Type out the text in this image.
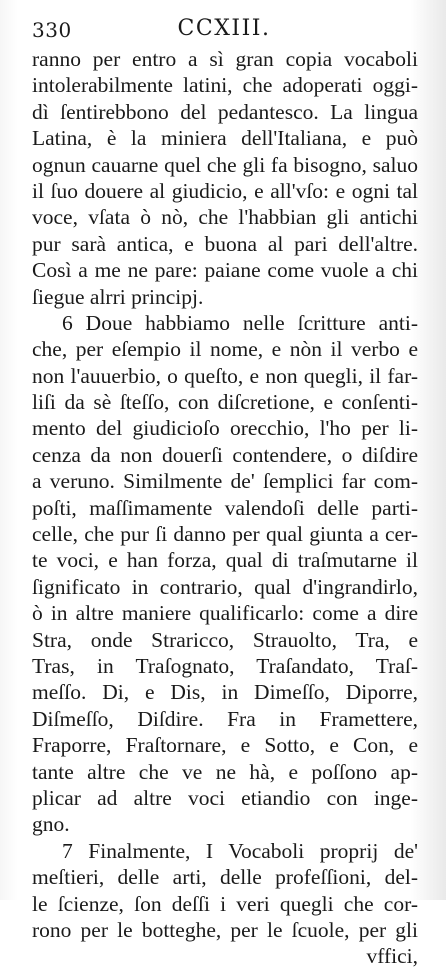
330	CCXIII.
ranno per entro a sì gran copia vocaboli
intolerabilmente latini, che adoperati oggi-
dì ſentirebbono del pedantesco. La lingua
Latina, è la miniera dell'Italiana, e può
ognun cauarne quel che gli fa bisogno, saluo
il ſuo douere al giudicio, e all'vſo: e ogni tal
voce, vſata ò nò, che l'habbian gli antichi
pur sarà antica, e buona al pari dell'altre.
Così a me ne pare: paiane come vuole a chi
ſiegue alrri principj.
6 Doue habbiamo nelle ſcritture anti-
che, per eſempio il nome, e nòn il verbo e
non l'auuerbio, o queſto, e non quegli, il far-
liſi da sè ſteſſo, con diſcretione, e conſenti-
mento del giudicioſo orecchio, l'ho per li-
cenza da non douerſi contendere, o diſdire
a veruno. Similmente de' ſemplici far com-
poſti, maſſimamente valendoſi delle parti-
celle, che pur ſi danno per qual giunta a cer-
te voci, e han forza, qual di traſmutarne il
ſignificato in contrario, qual d'ingrandirlo,
ò in altre maniere qualificarlo: come a dire
Stra, onde Straricco, Strauolto, Tra, e
Tras, in Traſognato, Traſandato, Traſ-
meſſo. Di, e Dis, in Dimeſſo, Diporre,
Diſmeſſo, Diſdire. Fra in Framettere,
Fraporre, Fraſtornare, e Sotto, e Con, e
tante altre che ve ne hà, e poſſono ap-
plicar ad altre voci etiandio con inge-
gno.
7 Finalmente, I Vocaboli proprij de'
meſtieri, delle arti, delle profeſſioni, del-
le ſcienze, ſon deſſi i veri quegli che cor-
rono per le botteghe, per le ſcuole, per gli
vffici,
